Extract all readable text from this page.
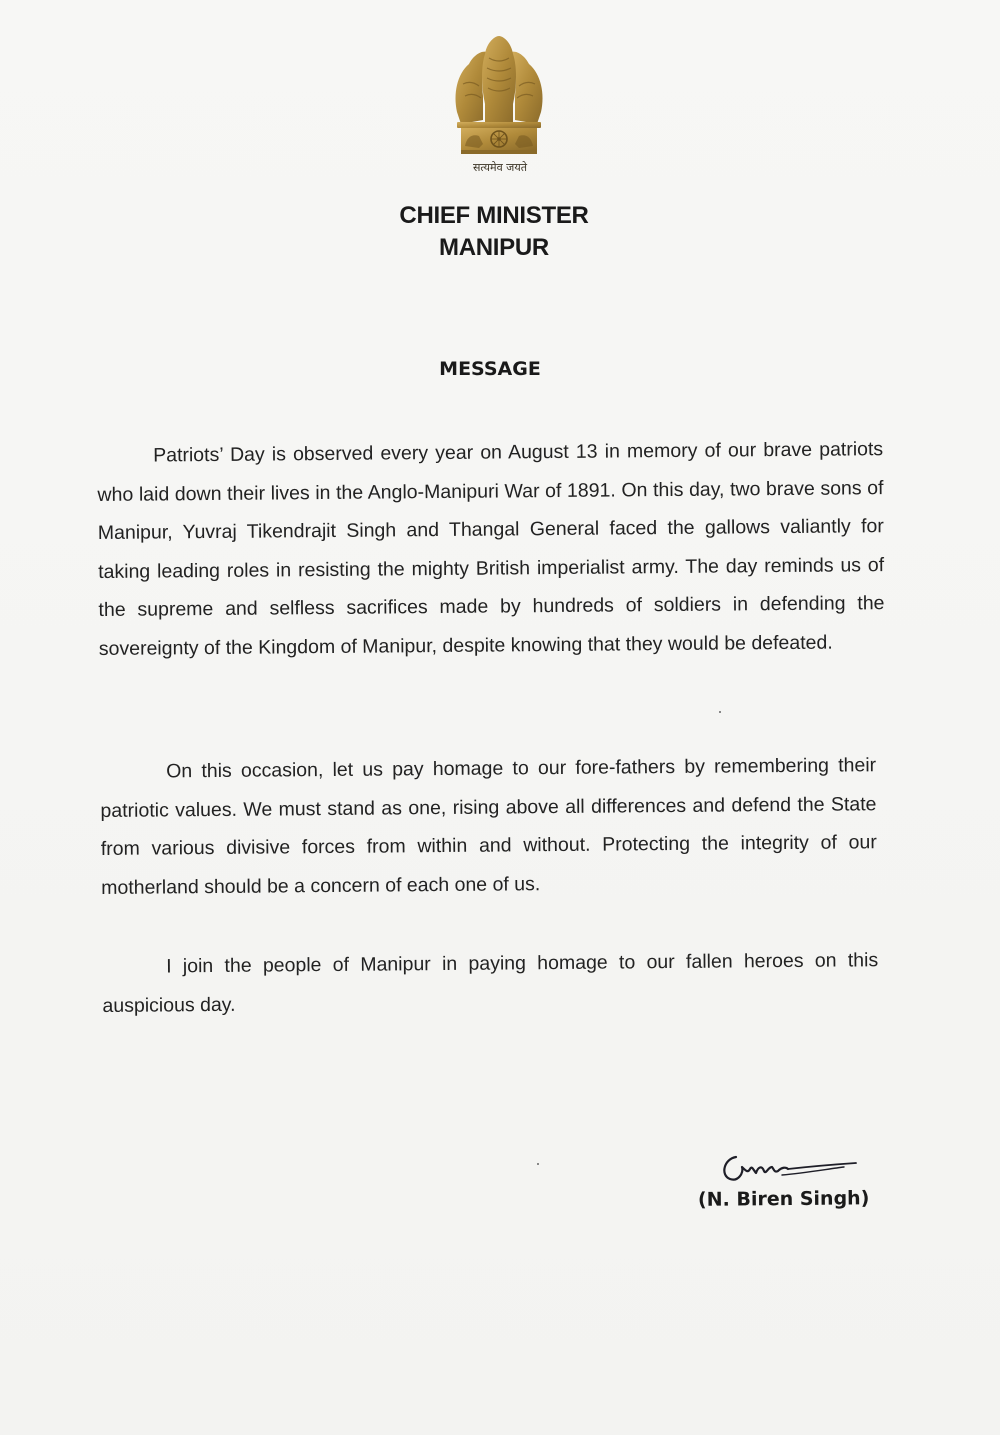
सत्यमेव जयते
CHIEF MINISTER
MANIPUR
MESSAGE

Patriots’ Day is observed every year on August 13 in memory of our brave patriots who laid down their lives in the Anglo-Manipuri War of 1891. On this day, two brave sons of Manipur, Yuvraj Tikendrajit Singh and Thangal General faced the gallows valiantly for taking leading roles in resisting the mighty British imperialist army. The day reminds us of the supreme and selfless sacrifices made by hundreds of soldiers in defending the sovereignty of the Kingdom of Manipur, despite knowing that they would be defeated.

On this occasion, let us pay homage to our fore-fathers by remembering their patriotic values. We must stand as one, rising above all differences and defend the State from various divisive forces from within and without. Protecting the integrity of our motherland should be a concern of each one of us.

I join the people of Manipur in paying homage to our fallen heroes on this auspicious day.

(N. Biren Singh)
